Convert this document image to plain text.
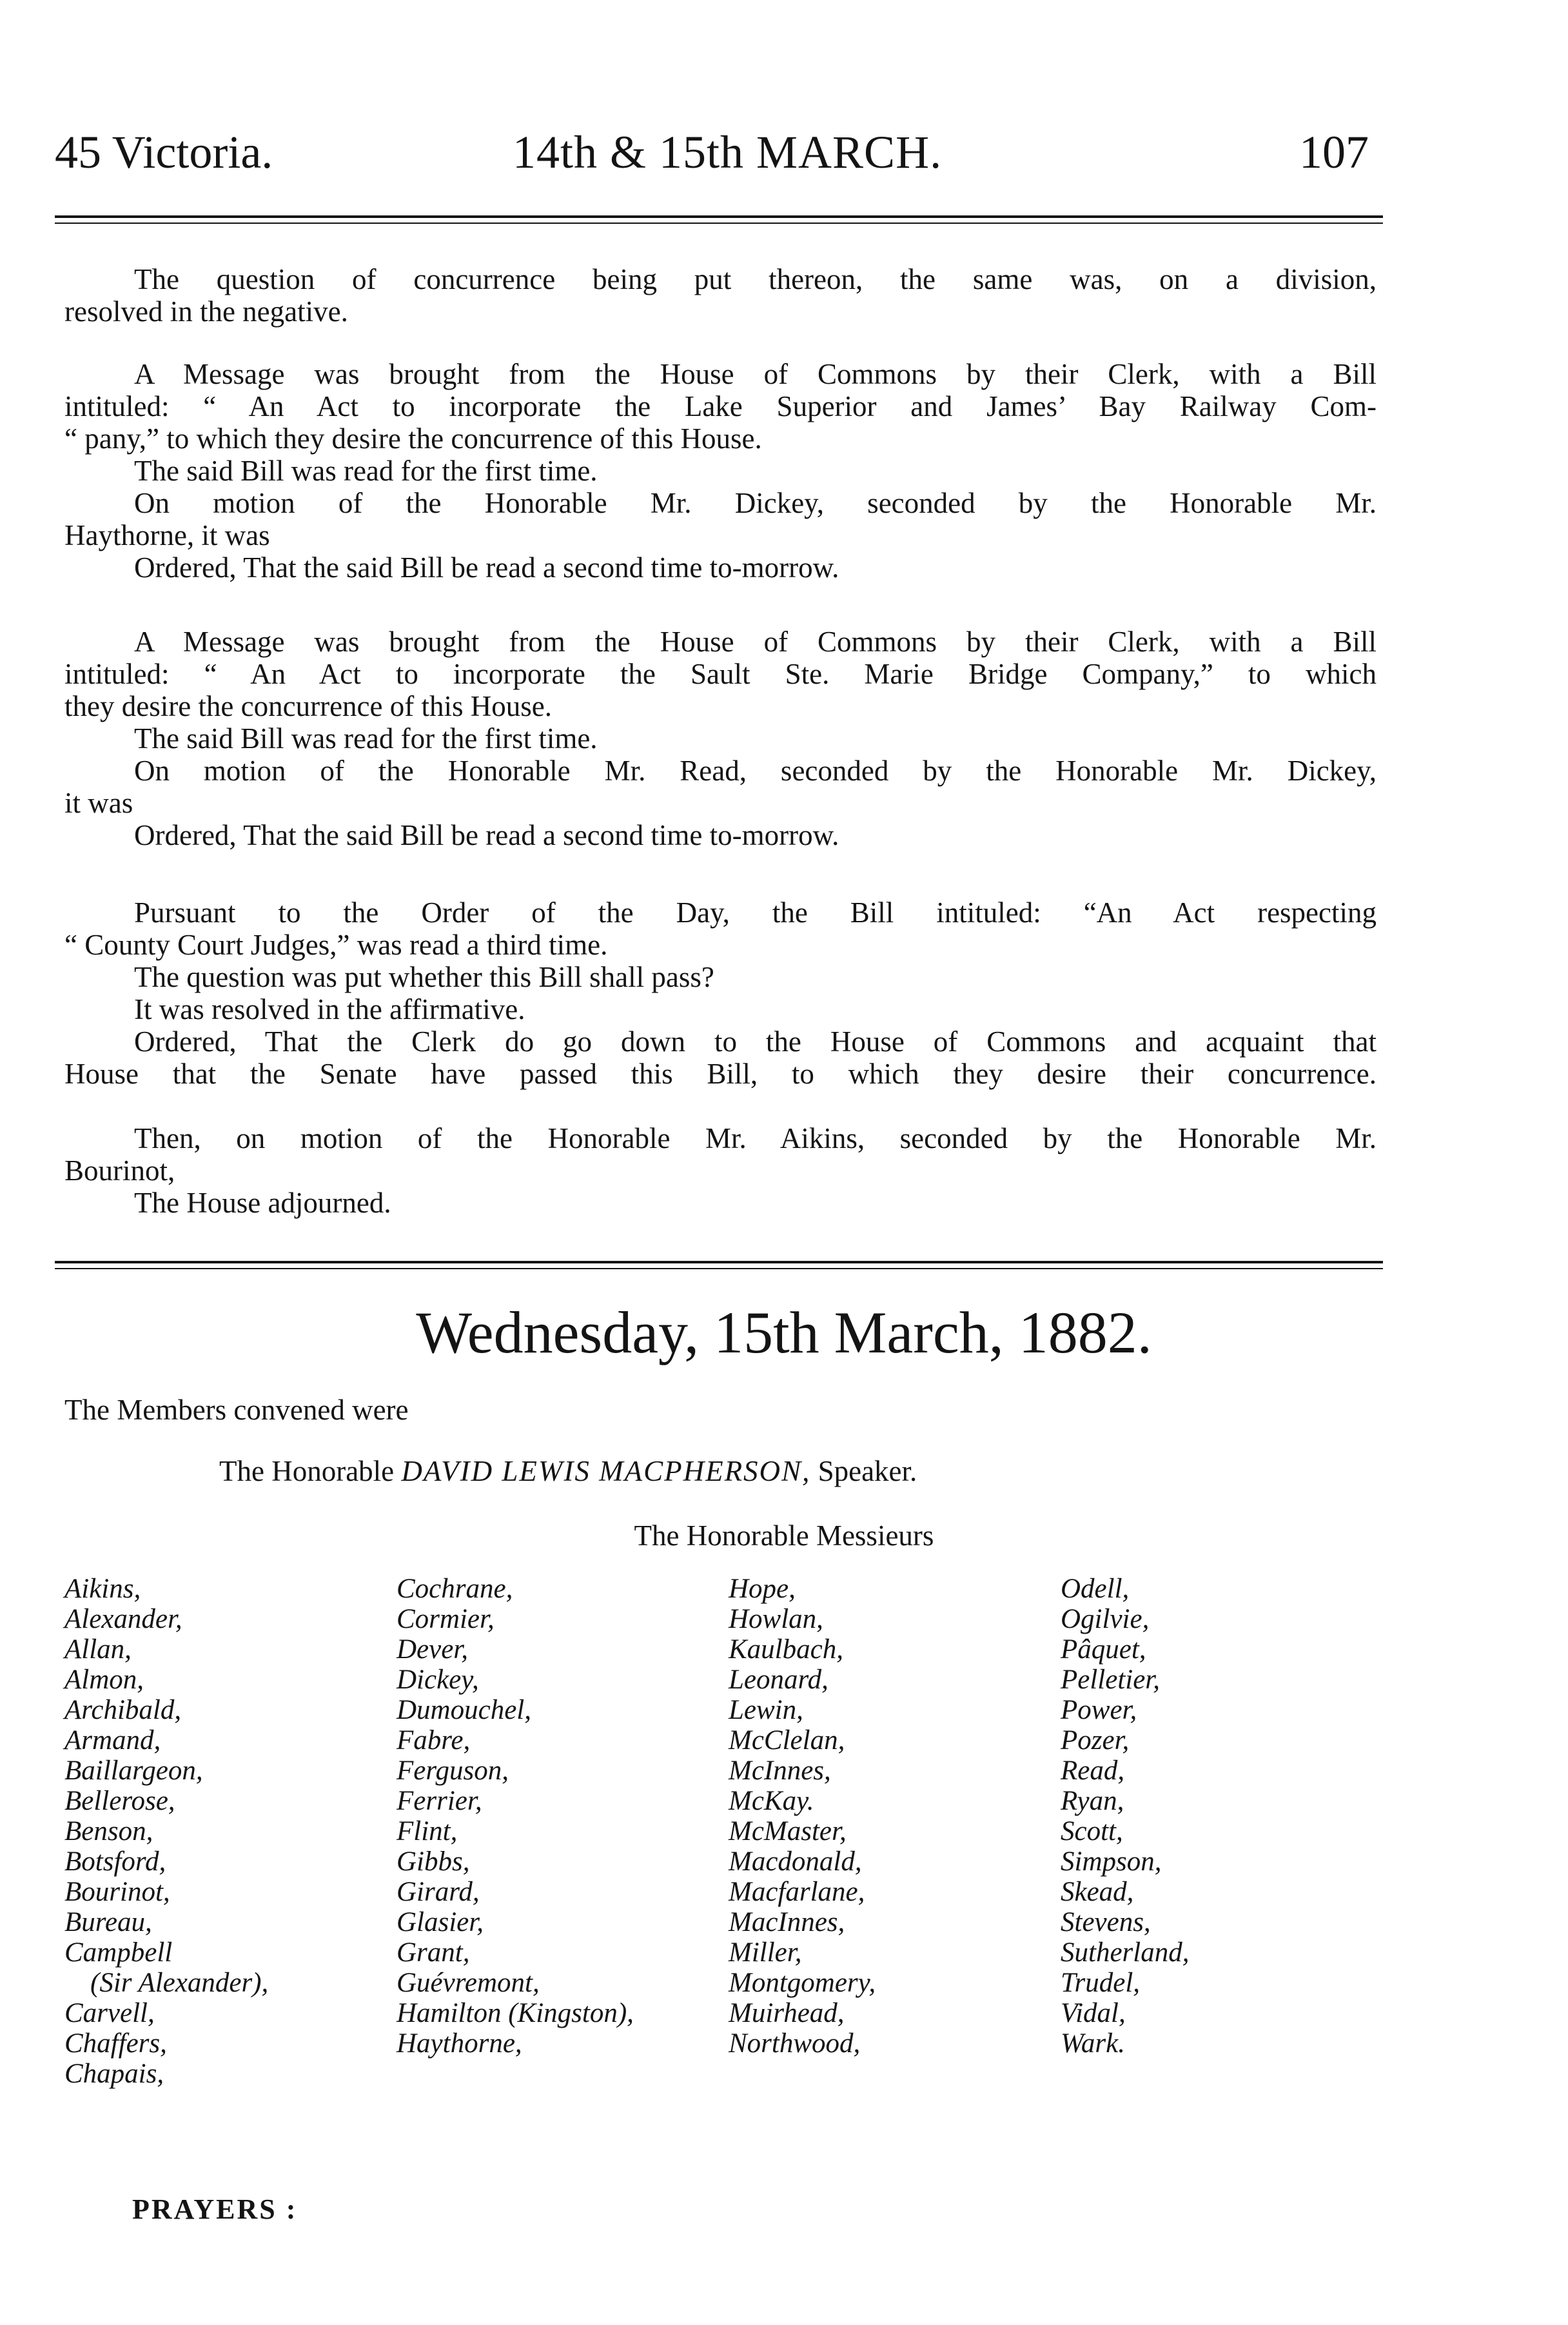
45 Victoria.	14th & 15th MARCH.	107
The question of concurrence being put thereon, the same was, on a division,
resolved in the negative.
A Message was brought from the House of Commons by their Clerk, with a Bill
intituled: “ An Act to incorporate the Lake Superior and James’ Bay Railway Com-
“ pany,” to which they desire the concurrence of this House.
The said Bill was read for the first time.
On motion of the Honorable Mr. Dickey, seconded by the Honorable Mr.
Haythorne, it was
Ordered, That the said Bill be read a second time to-morrow.
A Message was brought from the House of Commons by their Clerk, with a Bill
intituled: “ An Act to incorporate the Sault Ste. Marie Bridge Company,” to which
they desire the concurrence of this House.
The said Bill was read for the first time.
On motion of the Honorable Mr. Read, seconded by the Honorable Mr. Dickey,
it was
Ordered, That the said Bill be read a second time to-morrow.
Pursuant to the Order of the Day, the Bill intituled: “An Act respecting
“ County Court Judges,” was read a third time.
The question was put whether this Bill shall pass?
It was resolved in the affirmative.
Ordered, That the Clerk do go down to the House of Commons and acquaint that
House that the Senate have passed this Bill, to which they desire their concurrence.
Then, on motion of the Honorable Mr. Aikins, seconded by the Honorable Mr.
Bourinot,
The House adjourned.
Wednesday, 15th March, 1882.
The Members convened were
The Honorable DAVID LEWIS MACPHERSON, Speaker.
The Honorable Messieurs
Aikins,
Alexander,
Allan,
Almon,
Archibald,
Armand,
Baillargeon,
Bellerose,
Benson,
Botsford,
Bourinot,
Bureau,
Campbell
(Sir Alexander),
Carvell,
Chaffers,
Chapais,
Cochrane,
Cormier,
Dever,
Dickey,
Dumouchel,
Fabre,
Ferguson,
Ferrier,
Flint,
Gibbs,
Girard,
Glasier,
Grant,
Guévremont,
Hamilton (Kingston),
Haythorne,
Hope,
Howlan,
Kaulbach,
Leonard,
Lewin,
McClelan,
McInnes,
McKay.
McMaster,
Macdonald,
Macfarlane,
MacInnes,
Miller,
Montgomery,
Muirhead,
Northwood,
Odell,
Ogilvie,
Pâquet,
Pelletier,
Power,
Pozer,
Read,
Ryan,
Scott,
Simpson,
Skead,
Stevens,
Sutherland,
Trudel,
Vidal,
Wark.
PRAYERS :
